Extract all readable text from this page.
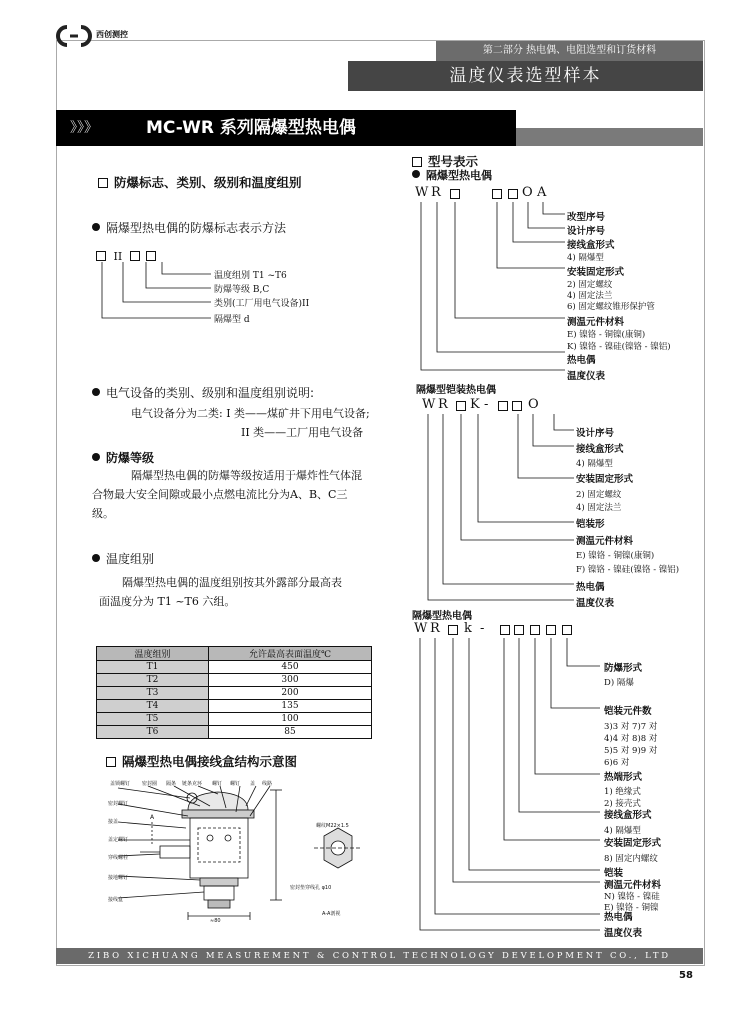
西创测控
第二部分 热电偶、电阻选型和订货材料
温度仪表选型样本
》》》	MC-WR 系列隔爆型热电偶
防爆标志、类别、级别和温度组别
隔爆型热电偶的防爆标志表示方法
II
温度组别 T1 ~T6
防爆等级 B,C
类别(工厂用电气设备)II
隔爆型 d
电气设备的类别、级别和温度组别说明:
电气设备分为二类: I 类——煤矿井下用电气设备;
II 类——工厂用电气设备
防爆等级
隔爆型热电偶的防爆等级按适用于爆炸性气体混
合物最大安全间隙或最小点燃电流比分为A、B、C三
级。
温度组别
隔爆型热电偶的温度组别按其外露部分最高表
面温度分为 T1 ~T6 六组。
温度组别	允许最高表面温度℃
T1	450
T2	300
T3	200
T4	135
T5	100
T6	85
隔爆型热电偶接线盒结构示意图
盖锁螺钉 密封圈 隔条 链条克环 螺钉 螺钉 盖 线路
密封螺钉
接盖
盖定螺钉
穿线螺栓
接地螺钉
接线盒
螺纹M22×1.5
密封垫穿线孔 φ10
A-A剖视
≈80
A
型号表示
隔爆型热电偶
W R	O A
改型序号
设计序号
接线盒形式
4) 隔爆型
安装固定形式
2) 固定螺纹
4) 固定法兰
6) 固定螺纹锥形保护管
测温元件材料
E) 镍铬 - 铜镍(康铜)
K) 镍铬 - 镍硅(镍铬 - 镍铝)
热电偶
温度仪表
隔爆型铠装热电偶
W R K -	O
设计序号
接线盒形式
4) 隔爆型
安装固定形式
2) 固定螺纹
4) 固定法兰
铠装形
测温元件材料
E) 镍铬 - 铜镍(康铜)
F) 镍铬 - 镍硅(镍铬 - 镍铝)
热电偶
温度仪表
隔爆型热电偶
W R k -
防爆形式
D) 隔爆
铠装元件数
3)3 对 7)7 对
4)4 对 8)8 对
5)5 对 9)9 对
6)6 对
热端形式
1) 绝缘式
2) 接壳式
接线盒形式
4) 隔爆型
安装固定形式
8) 固定内螺纹
铠装
测温元件材料
N) 镍铬 - 镍硅
E) 镍铬 - 铜镍
热电偶
温度仪表
ZIBO XICHUANG MEASUREMENT & CONTROL TECHNOLOGY DEVELOPMENT CO., LTD
58
